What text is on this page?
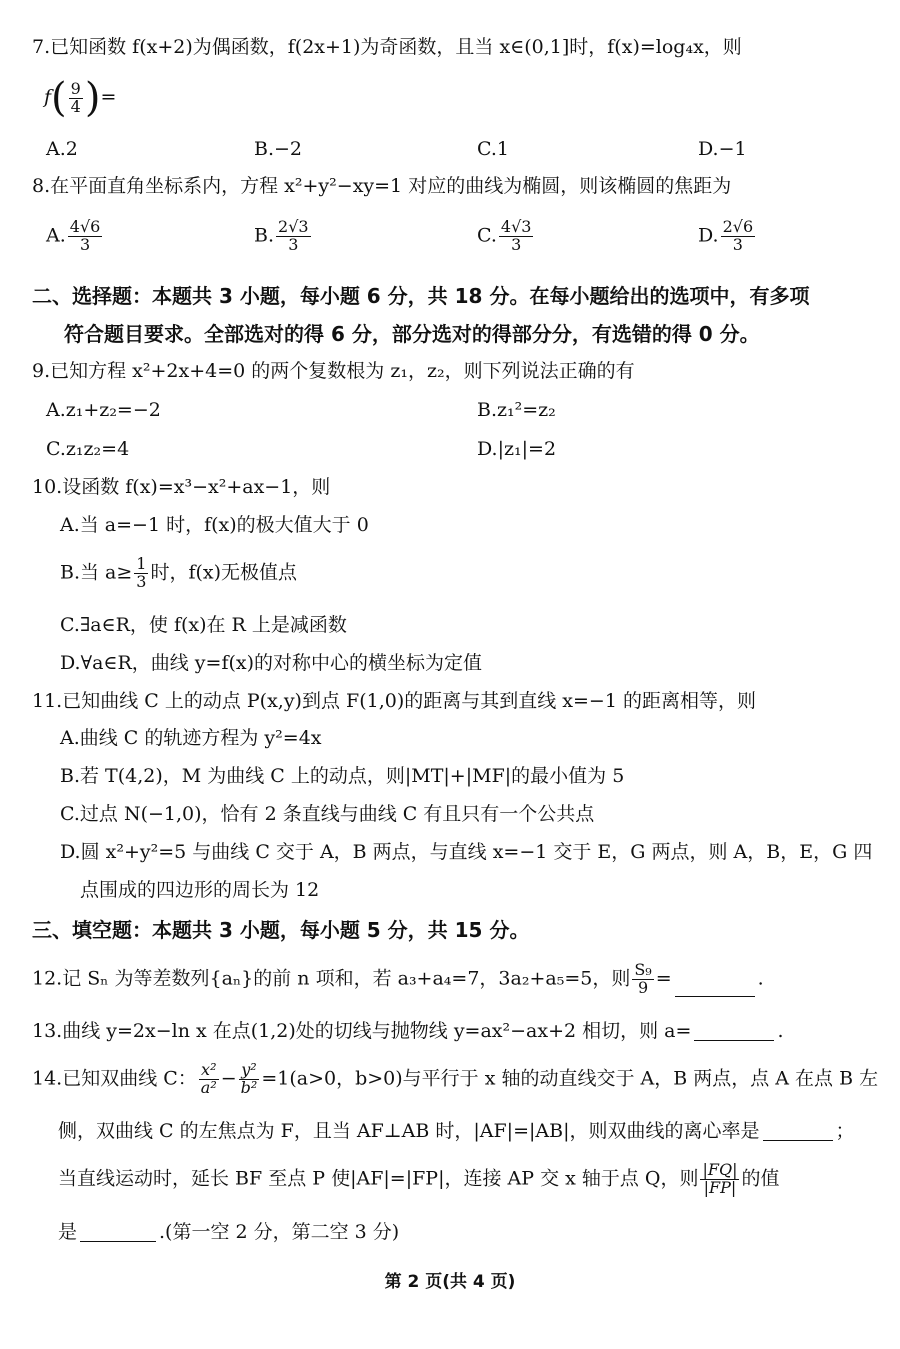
7.已知函数 f(x+2)为偶函数，f(2x+1)为奇函数，且当 x∈(0,1]时，f(x)=log₄x，则
$f( \frac{9}{4}$ )=
A.2	B.−2	C.1	D.−1
8.在平面直角坐标系内，方程 x²+y²−xy=1 对应的曲线为椭圆，则该椭圆的焦距为
A. $\frac{4√6}{3}$	B. $\frac{2√3}{3}$	C. $\frac{4√3}{3}$	D. $\frac{2√6}{3}$
二、选择题：本题共 3 小题，每小题 6 分，共 18 分。在每小题给出的选项中，有多项
符合题目要求。全部选对的得 6 分，部分选对的得部分分，有选错的得 0 分。
9.已知方程 x²+2x+4=0 的两个复数根为 z₁，z₂，则下列说法正确的有
A.z₁+z₂=−2	B.z₁²=z₂
C.z₁z₂=4	D.|z₁|=2
10.设函数 f(x)=x³−x²+ax−1，则
A.当 a=−1 时，f(x)的极大值大于 0
B.当 $a\ge \frac{1}{3}$ 时，f(x)无极值点
C.∃a∈R，使 f(x)在 R 上是减函数
D.∀a∈R，曲线 y=f(x)的对称中心的横坐标为定值
11.已知曲线 C 上的动点 P(x,y)到点 F(1,0)的距离与其到直线 x=−1 的距离相等，则
A.曲线 C 的轨迹方程为 y²=4x
B.若 T(4,2)，M 为曲线 C 上的动点，则|MT|+|MF|的最小值为 5
C.过点 N(−1,0)，恰有 2 条直线与曲线 C 有且只有一个公共点
D.圆 x²+y²=5 与曲线 C 交于 A，B 两点，与直线 x=−1 交于 E，G 两点，则 A，B，E，G 四
点围成的四边形的周长为 12
三、填空题：本题共 3 小题，每小题 5 分，共 15 分。
12.记 Sₙ 为等差数列{aₙ}的前 n 项和，若 a₃+a₄=7，3a₂+a₅=5，则 $\frac{\text{S₉}}{9}$ =	.
13.曲线 y=2x−ln x 在点(1,2)处的切线与抛物线 y=ax²−ax+2 相切，则 a=	.
14.已知双曲线 C： $\frac{\text{x²}}{\text{a²}} - \frac{\text{y²}}{\text{b²}} =1(a>0$，b>0)与平行于 x 轴的动直线交于 A，B 两点，点 A 在点 B 左
侧，双曲线 C 的左焦点为 F，且当 AF⊥AB 时，|AF|=|AB|，则双曲线的离心率是	；
当直线运动时，延长 BF 至点 P 使|AF|=|FP|，连接 AP 交 x 轴于点 Q，则 $\frac{|FQ|}{|FP|}$ 的值
是	.(第一空 2 分，第二空 3 分)
第 2 页(共 4 页)
